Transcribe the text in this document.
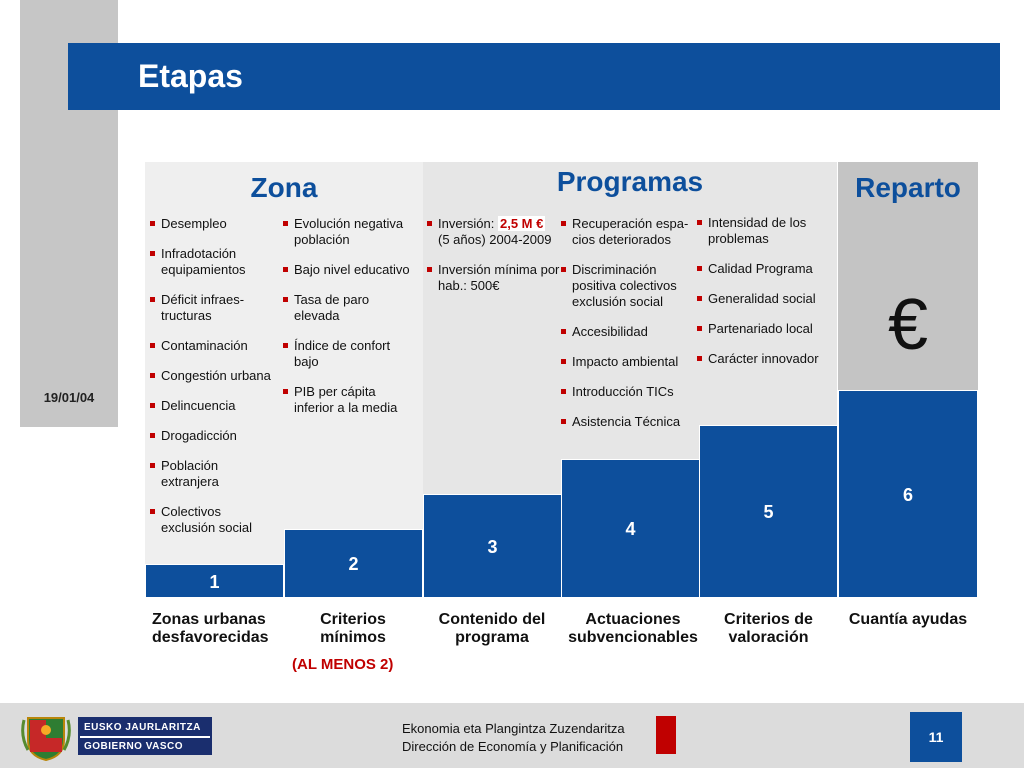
19/01/04
Etapas
Zona	Programas	Reparto
Desempleo
Infradotación equipamientos
Déficit infraes-tructuras
Contaminación
Congestión urbana
Delincuencia
Drogadicción
Población extranjera
Colectivos exclusión social
Evolución negativa población
Bajo nivel educativo
Tasa de paro elevada
Índice de confort bajo
PIB per cápita inferior a la media
Inversión: 2,5 M €
(5 años) 2004-2009
Inversión mínima por hab.: 500€
Recuperación espa-cios deteriorados
Discriminación positiva colectivos exclusión social
Accesibilidad
Impacto ambiental
Introducción TICs
Asistencia Técnica
Intensidad de los problemas
Calidad Programa
Generalidad social
Partenariado local
Carácter innovador €
1
2
3
4
5
6
Zonas urbanas desfavorecidas
Criterios mínimos
Contenido del programa
Actuaciones subvencionables
Criterios de valoración
Cuantía ayudas
(AL MENOS 2)
EUSKO JAURLARITZA
GOBIERNO VASCO
Ekonomia eta Plangintza Zuzendaritza
Dirección de Economía y Planificación
11
